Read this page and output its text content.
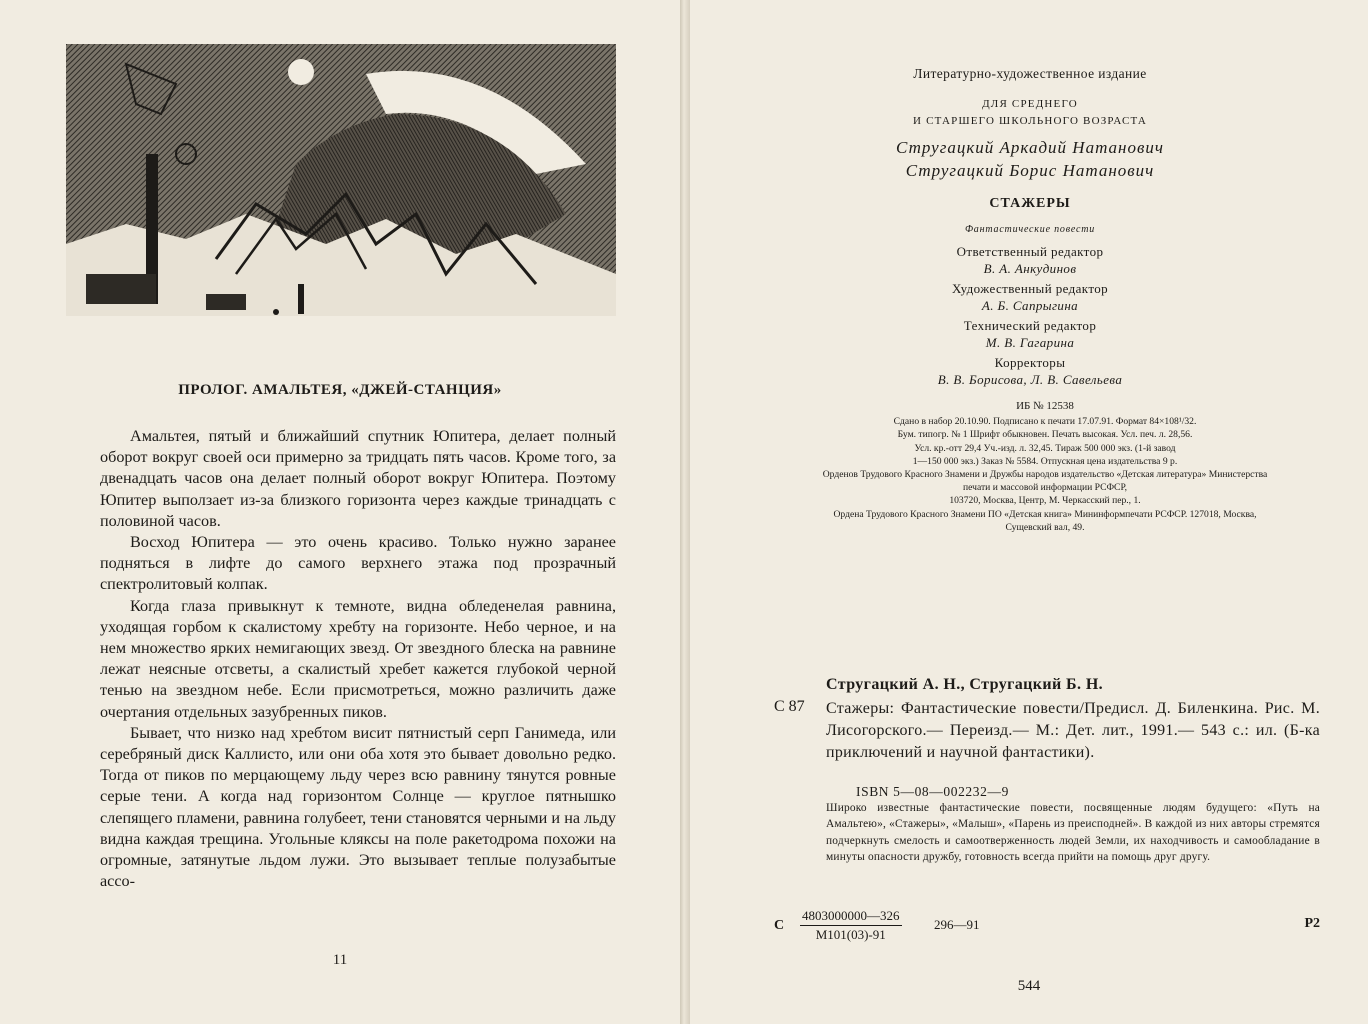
ПРОЛОГ. АМАЛЬТЕЯ, «ДЖЕЙ-СТАНЦИЯ»

Амальтея, пятый и ближайший спутник Юпитера, делает полный оборот вокруг своей оси примерно за тридцать пять часов. Кроме того, за двенадцать часов она делает полный оборот вокруг Юпитера. Поэтому Юпитер выползает из-за близкого горизонта через каждые тринадцать с половиной часов.

Восход Юпитера — это очень красиво. Только нужно заранее подняться в лифте до самого верхнего этажа под прозрачный спектролитовый колпак.

Когда глаза привыкнут к темноте, видна обледенелая равнина, уходящая горбом к скалистому хребту на горизонте. Небо черное, и на нем множество ярких немигающих звезд. От звездного блеска на равнине лежат неясные отсветы, а скалистый хребет кажется глубокой черной тенью на звездном небе. Если присмотреться, можно различить даже очертания отдельных зазубренных пиков.

Бывает, что низко над хребтом висит пятнистый серп Ганимеда, или серебряный диск Каллисто, или они оба хотя это бывает довольно редко. Тогда от пиков по мерцающему льду через всю равнину тянутся ровные серые тени. А когда над горизонтом Солнце — круглое пятнышко слепящего пламени, равнина голубеет, тени становятся черными и на льду видна каждая трещина. Угольные кляксы на поле ракетодрома похожи на огромные, затянутые льдом лужи. Это вызывает теплые полузабытые ассо-

11
Литературно-художественное издание
ДЛЯ СРЕДНЕГО
И СТАРШЕГО ШКОЛЬНОГО ВОЗРАСТА
Стругацкий Аркадий Натанович
Стругацкий Борис Натанович
СТАЖЕРЫ
Фантастические повести
Ответственный редактор
В. А. Анкудинов
Художественный редактор
А. Б. Сапрыгина
Технический редактор
М. В. Гагарина
Корректоры
В. В. Борисова, Л. В. Савельева
ИБ № 12538
Сдано в набор 20.10.90. Подписано к печати 17.07.91. Формат 84×108¹/32.
Бум. типогр. № 1 Шрифт обыкновен. Печать высокая. Усл. печ. л. 28,56.
Усл. кр.-отт 29,4 Уч.-изд. л. 32,45. Тираж 500 000 экз. (1-й завод
1—150 000 экз.) Заказ № 5584. Отпускная цена издательства 9 р.
Орденов Трудового Красного Знамени и Дружбы народов издательство «Детская литература» Министерства печати и массовой информации РСФСР,
103720, Москва, Центр, М. Черкасский пер., 1.
Ордена Трудового Красного Знамени ПО «Детская книга» Мининформпечати РСФСР. 127018, Москва, Сущевский вал, 49.
Стругацкий А. Н., Стругацкий Б. Н.
С 87 Стажеры: Фантастические повести/Предисл. Д. Биленкина. Рис. М. Лисогорского.— Переизд.— М.: Дет. лит., 1991.— 543 с.: ил. (Б-ка приключений и научной фантастики).
ISBN 5—08—002232—9
Широко известные фантастические повести, посвященные людям будущего: «Путь на Амальтею», «Стажеры», «Малыш», «Парень из преисподней». В каждой из них авторы стремятся подчеркнуть смелость и самоотверженность людей Земли, их находчивость и самообладание в минуты опасности дружбу, готовность всегда прийти на помощь друг другу.
С
4803000000—326
М101(03)-91
296—91	Р2
544
